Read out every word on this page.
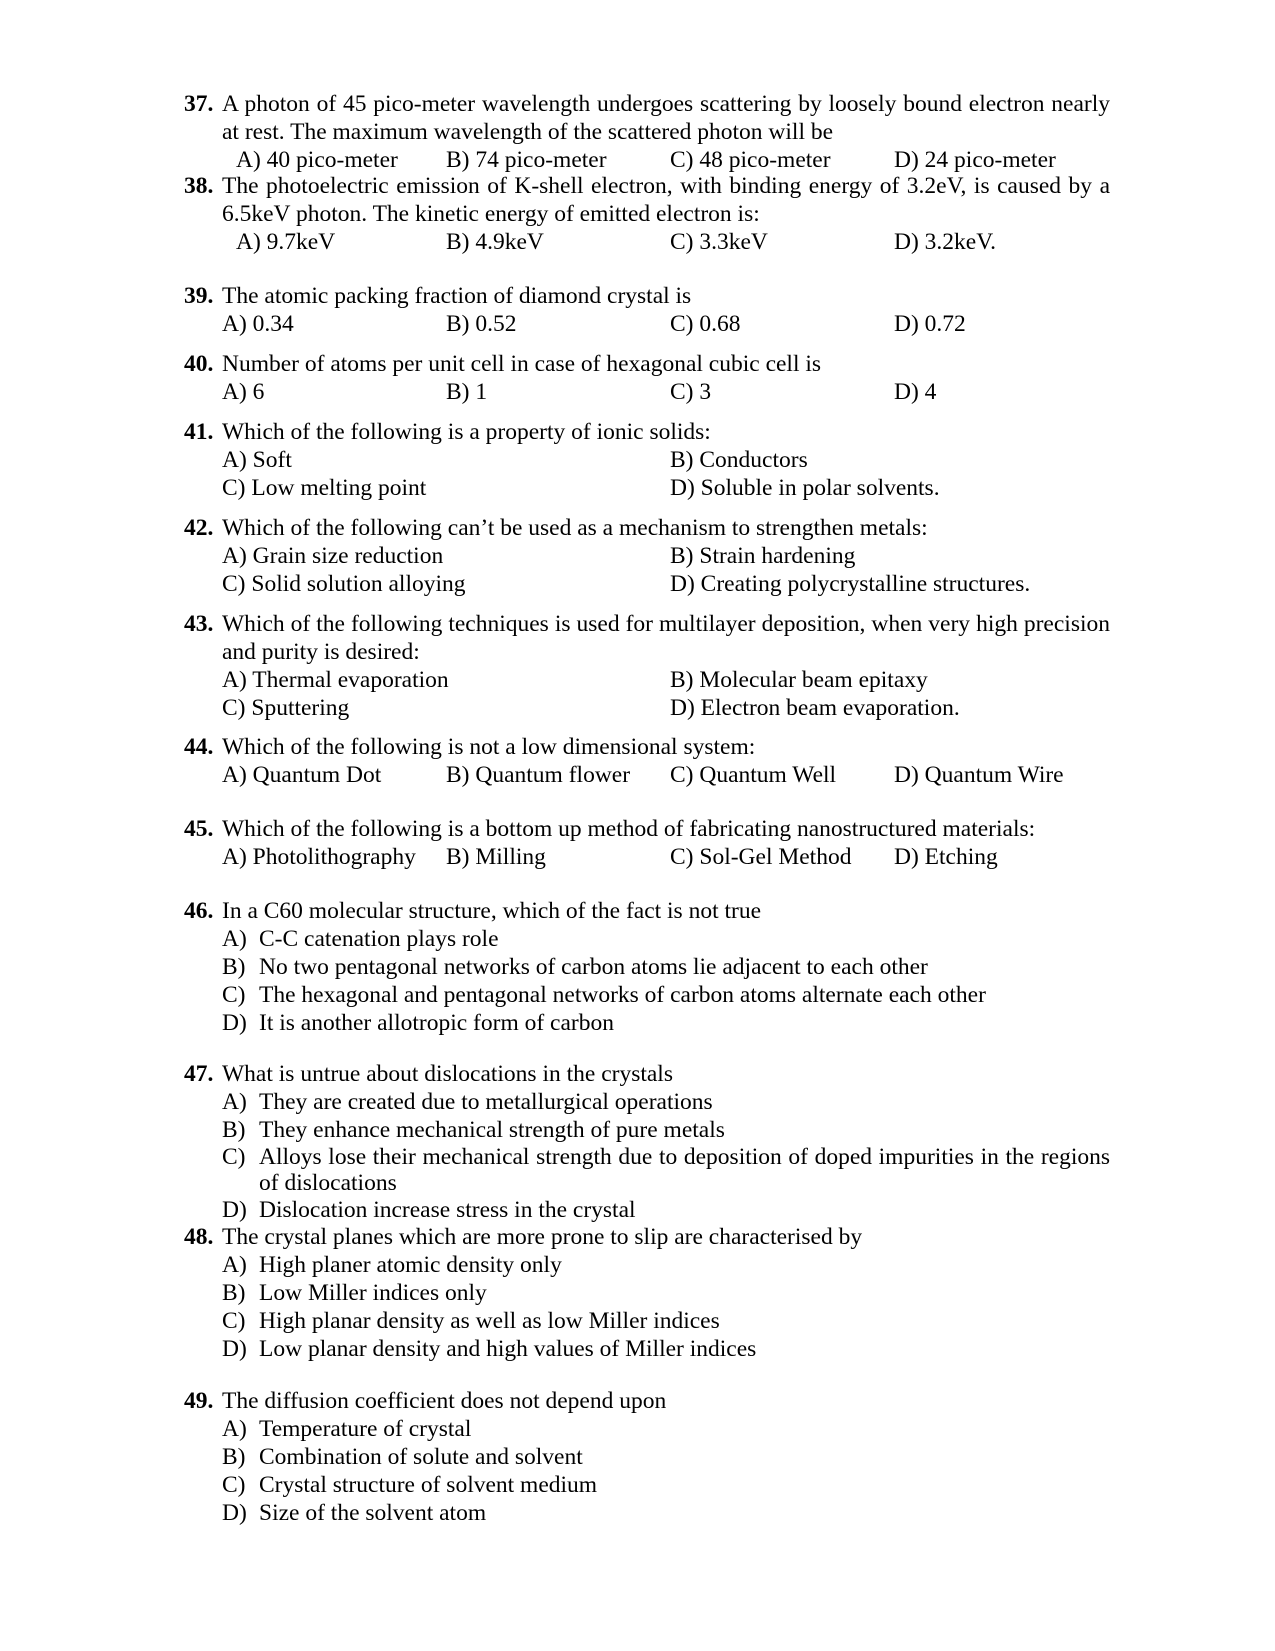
37. A photon of 45 pico-meter wavelength undergoes scattering by loosely bound electron nearly at rest. The maximum wavelength of the scattered photon will be
A) 40 pico-meter B) 74 pico-meter	C) 48 pico-meter	D) 24 pico-meter
38. The photoelectric emission of K-shell electron, with binding energy of 3.2eV, is caused by a 6.5keV photon. The kinetic energy of emitted electron is:
A) 9.7keV	B) 4.9keV	C) 3.3keV	D) 3.2keV.
39. The atomic packing fraction of diamond crystal is
A) 0.34	B) 0.52	C) 0.68	D) 0.72
40. Number of atoms per unit cell in case of hexagonal cubic cell is
A) 6	B) 1	C) 3	D) 4
41. Which of the following is a property of ionic solids:
A) Soft	B) Conductors
C) Low melting point	D) Soluble in polar solvents.
42. Which of the following can’t be used as a mechanism to strengthen metals:
A) Grain size reduction	B) Strain hardening
C) Solid solution alloying	D) Creating polycrystalline structures.
43. Which of the following techniques is used for multilayer deposition, when very high precision and purity is desired:
A) Thermal evaporation	B) Molecular beam epitaxy
C) Sputtering	D) Electron beam evaporation.
44. Which of the following is not a low dimensional system:
A) Quantum Dot	B) Quantum flower C) Quantum Well D) Quantum Wire
45. Which of the following is a bottom up method of fabricating nanostructured materials:
A) Photolithography B) Milling	C) Sol-Gel Method D) Etching
46. In a C60 molecular structure, which of the fact is not true
A) C-C catenation plays role
B) No two pentagonal networks of carbon atoms lie adjacent to each other
C) The hexagonal and pentagonal networks of carbon atoms alternate each other
D) It is another allotropic form of carbon
47. What is untrue about dislocations in the crystals
A) They are created due to metallurgical operations
B) They enhance mechanical strength of pure metals
C) Alloys lose their mechanical strength due to deposition of doped impurities in the regions of dislocations
D) Dislocation increase stress in the crystal
48. The crystal planes which are more prone to slip are characterised by
A) High planer atomic density only
B) Low Miller indices only
C) High planar density as well as low Miller indices
D) Low planar density and high values of Miller indices
49. The diffusion coefficient does not depend upon
A) Temperature of crystal
B) Combination of solute and solvent
C) Crystal structure of solvent medium
D) Size of the solvent atom
